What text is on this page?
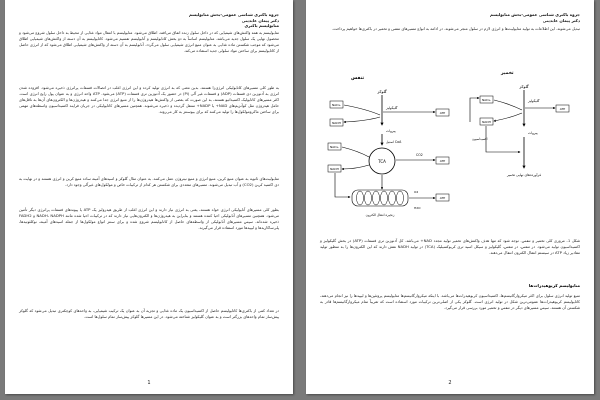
جزوه باکتری شناسی عمومی-بخش متابولیسم
دکتر پیمان عابدینی
متابولیسم باکتری
متابولیسم به همه واکنش‌های شیمیایی که در داخل سلول زنده اتفاق می‌افتد، اطلاق می‌شود. متابولیسم با انتقال مواد غذایی از محیط به داخل سلول شروع می‌شود و محصول نهایی یک سلول جدید می‌باشد. متابولیسم اساساً به دو بخش کاتابولیسم و آنابولیسم تقسیم می‌شود. کاتابولیسم به آن دسته از واکنش‌های شیمیایی اطلاق می‌شود که موجب شکستن ماده غذایی به عنوان منبع انرژی شیمیایی سلول می‌گردد. آنابولیسم به آن دسته از واکنش‌های شیمیایی اطلاق می‌شود که از انرژی حاصل از کاتابولیسم برای ساختن مواد سلولی جدید استفاده می‌کند.
به طور کلی مسیرهای کاتابولیکی انرژی‌زا هستند. بدین معنی که به انرژی تولید کرده و این انرژی اغلب در اتصالات فسفات پرانرژی ذخیره می‌شود. افزوده شدن انرژی به آدنوزین دی فسفات (ADP) و فسفات غیر آلی (Pi) در حضور یک آدنوزین تری فسفات (ATP) می‌شود. ATP واحد انرژی و به عنوان پول رایج انرژی است. اکثر مسیرهای کاتابولیک اکسیداتیو هستند، به این صورت که بعضی از واکنش‌ها هیدروژن‌ها را از منبع انرژی جدا می‌کنند و هیدروژن‌ها و الکترون‌های آن‌ها به ناقل‌های حامل هیدروژن مثل کوآنزیم‌های NAD+ یا NADP+ منتقل گردیده و ذخیره می‌شوند. همچنین مسیرهای کاتابولیکی در جریان فرایند اکسیداسیون واسطه‌های مهمی برای ساختن ماکرومولکول‌ها را تولید می‌کنند که برای بیوسنتز به کار می‌روند.
متابولیت‌های ثانویه به عنوان منبع کربن، منبع انرژی و منبع نیتروژن عمل می‌کنند. به عنوان مثال گلوکز و اسیدهای آمینه ساده منبع کربن و انرژی هستند و در نهایت به دی اکسید کربن (CO2) و آب تبدیل می‌شوند. مسیرهای متعددی برای شکستن هر کدام از ترکیبات خاص و مولکول‌های غیرآلی وجود دارد.
بطور کلی مسیرهای آنابولیکی انرژی خواه هستند، یعنی به انرژی نیاز دارند و این انرژی اغلب از طریق هیدرولیز یک ATP یا پیوندهای فسفات پرانرژی دیگر تأمین می‌شود. همچنین مسیرهای آنابولیکی احیا کننده هستند و بنابراین به هیدروژن‌ها و الکترون‌هایی نیاز دارند که در ترکیبات احیا شده مانند NADH، NADPH و FADH2 ذخیره شده‌اند. سپس مسیرهای آنابولیکی از واسطه‌های حاصل از کاتابولیسم شروع شده و برای سنتز انواع مولکول‌ها از جمله اسیدهای آمینه، نوکلئوتیدها، پلی‌ساکاریدها و لیپیدها مورد استفاده قرار می‌گیرند.
در تعداد کمی از باکتری‌ها کاتابولیسم حاصل از اکسیداسیون یک ماده غذایی و تجزیه آن به عنوان یک ترکیب شیمیایی، به واحدهای کوچکتری تبدیل می‌شود که گلوکز پیش‌ساز تمام واحدهای بزرگتر است و به عنوان گلیکولیز شناخته می‌شود. در این مسیرها گلوکز پیش‌ساز تمام سلول‌ها است.
1
جزوه باکتری شناسی عمومی-بخش متابولیسم
دکتر پیمان عابدینی
تبدیل می‌شوند. این اطلاعات به تولید متابولیت‌ها و انرژی لازم در سلول منجر می‌شوند. در ادامه به انواع مسیرهای تنفس و تخمیر در باکتری‌ها خواهیم پرداخت.
تخمیر
تنفس
گلوکز
گلیکولیز
NAD+
NADH
ATP
پیروات
استیل CoA
TCA
NAD+
NADH
ATP
CO2
زنجیره انتقال الکترون
O2
H2O
ATP
گلوکز
گلیکولیز
NAD+
NADH
ATP
پیروات
اکسیداسیون
فرآورده‌های نهایی تخمیر
شکل 1- مروری کلی تخمیر و تنفس. توجه شود که تنها هدف واکنش‌های تخمیر تولید مجدد NAD+ می‌باشد. کل آدنوزین تری فسفات (ATP) در بخش گلیکولیز و اکسیداسیون تولید می‌شود. در تنفس، در تنفس، گلیکولیز و سیکل اسید تری کربوکسیلیک (TCA) در تولید NADH نقش دارند که این الکترون‌ها را به منظور تولید مقادیر زیاد ATP در سیستم انتقال الکترون انتقال می‌دهند.
متابولیسم کربوهیدرات‌ها
منبع تولید انرژی سلول برای اکثر میکروارگانیسم‌ها، اکسیداسیون کربوهیدرات‌ها می‌باشد. با اینکه میکروارگانیسم‌ها متابولیسم پروتئین‌ها و لیپیدها را نیز انجام می‌دهند، کاتابولیسم کربوهیدرات‌ها عمومی‌ترین شکل در تولید انرژی است. گلوکز یکی از اصلی‌ترین ترکیبات مورد استفاده است که تقریباً تمام میکروارگانیسم‌ها قادر به شکستن آن هستند. سپس مسیرهای دیگر در تنفس و تخمیر مورد بررسی قرار می‌گیرد.
2
